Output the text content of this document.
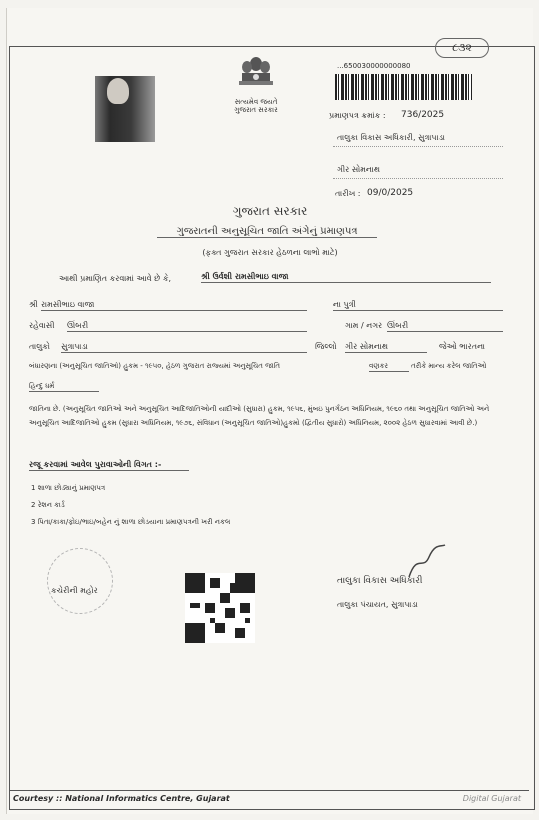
૮૩૨
સત્યમેવ જયતે
ગુજરાત સરકાર
...650030000000080
પ્રમાણપત્ર ક્રમાંક : 736/2025
તાલુકા વિકાસ અધિકારી, સુત્રાપાડા
ગીર સોમનાથ
તારીખ : 09/0/2025
ગુજરાત સરકાર
ગુજરાતની અનુસૂચિત જાતિ અંગેનું પ્રમાણપત્ર
(ફક્ત ગુજરાત સરકાર હેઠળના લાભો માટે)
આથી પ્રમાણિત કરવામાં આવે છે કે,	શ્રી ઉર્વશી રામસીભાઇ વાજા
શ્રી રામસીભાઇ વાજા	ના પુત્રી
રહેવાસી ઊંબરી	ગામ / નગર ઊંબરી
તાલુકો સુત્રાપાડા	જિલ્લો ગીર સોમનાથ	જેઓ ભારતના
બંધારણના (અનુસૂચિત જાતિઓ) હુકમ - ૧૯૫૦, હેઠળ ગુજરાત રાજ્યમાં અનુસૂચિત જાતિ	વણકર	તરીકે માન્ય કરેલ જાતિઓ
હિન્દુ ધર્મ
જાતિના છે. (અનુસૂચિત જાતિઓ અને અનુસૂચિત આદિજાતિઓની યાદીઓ (સુધારા) હુકમ, ૧૯૫૬, મુંબઇ પુનર્ગઠન અધિનિયમ, ૧૯૬૦ તથા અનુસૂચિત જાતિઓ અને અનુસૂચિત આદિજાતિઓ હુકમ (સુધારા અધિનિયમ, ૧૯૭૬, સંવિધાન (અનુસૂચિત જાતિઓ)હુકમો (દ્વિતીય સુધારો) અધિનિયમ, ૨૦૦૨ હેઠળ સુધારવામાં આવી છે.)
રજૂ કરવામાં આવેલ પુરાવાઓની વિગત :-
1 શાળા છોડ્યાનું પ્રમાણપત્ર
2 રેશન કાર્ડ
3 પિતા/કાકા/ફોઇ/ભાઇ/બહેન નું શાળા છોડયાના પ્રમાણપત્રની ખરી નકલ
કચેરીની મહોર
તાલુકા વિકાસ અધિકારી
તાલુકા પંચાયત, સુત્રાપાડા
Courtesy :: National Informatics Centre, Gujarat	Digital Gujarat
